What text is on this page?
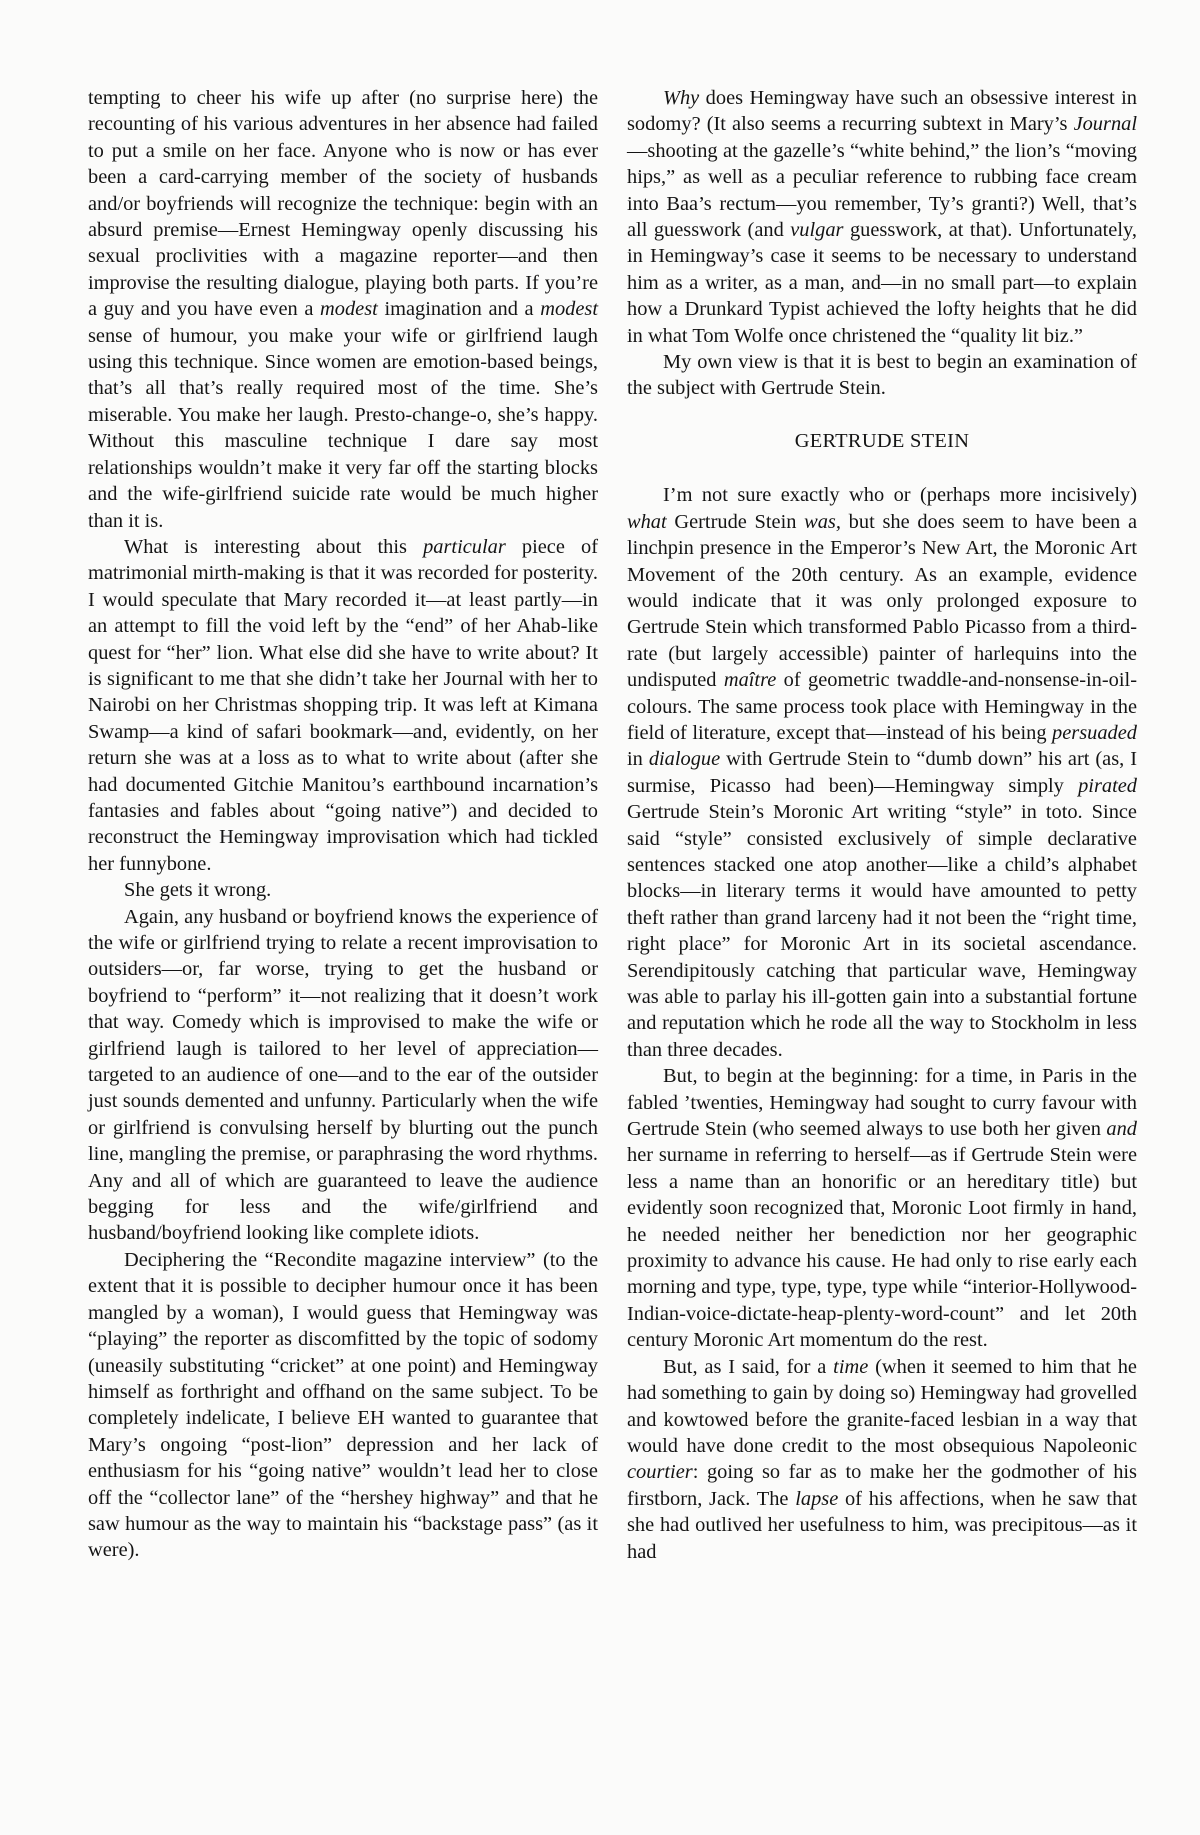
tempting to cheer his wife up after (no surprise here) the recounting of his various adventures in her absence had failed to put a smile on her face. Anyone who is now or has ever been a card-carrying member of the society of husbands and/or boyfriends will recognize the technique: begin with an absurd premise—Ernest Hemingway openly discussing his sexual proclivities with a magazine reporter—and then improvise the resulting dialogue, playing both parts. If you’re a guy and you have even a modest imagination and a modest sense of humour, you make your wife or girlfriend laugh using this technique. Since women are emotion-based beings, that’s all that’s really required most of the time. She’s miserable. You make her laugh. Presto-change-o, she’s happy. Without this masculine technique I dare say most relationships wouldn’t make it very far off the starting blocks and the wife-girlfriend suicide rate would be much higher than it is.

What is interesting about this particular piece of matrimonial mirth-making is that it was recorded for posterity. I would speculate that Mary recorded it—at least partly—in an attempt to fill the void left by the “end” of her Ahab-like quest for “her” lion. What else did she have to write about? It is significant to me that she didn’t take her Journal with her to Nairobi on her Christmas shopping trip. It was left at Kimana Swamp—a kind of safari bookmark—and, evidently, on her return she was at a loss as to what to write about (after she had documented Gitchie Manitou’s earthbound incarnation’s fantasies and fables about “going native”) and decided to reconstruct the Hemingway improvisation which had tickled her funnybone.

She gets it wrong.

Again, any husband or boyfriend knows the experience of the wife or girlfriend trying to relate a recent improvisation to outsiders—or, far worse, trying to get the husband or boyfriend to “perform” it—not realizing that it doesn’t work that way. Comedy which is improvised to make the wife or girlfriend laugh is tailored to her level of appreciation—targeted to an audience of one—and to the ear of the outsider just sounds demented and unfunny. Particularly when the wife or girlfriend is convulsing herself by blurting out the punch line, mangling the premise, or paraphrasing the word rhythms. Any and all of which are guaranteed to leave the audience begging for less and the wife/girlfriend and husband/boyfriend looking like complete idiots.

Deciphering the “Recondite magazine interview” (to the extent that it is possible to decipher humour once it has been mangled by a woman), I would guess that Hemingway was “playing” the reporter as discomfitted by the topic of sodomy (uneasily substituting “cricket” at one point) and Hemingway himself as forthright and offhand on the same subject. To be completely indelicate, I believe EH wanted to guarantee that Mary’s ongoing “post-lion” depression and her lack of enthusiasm for his “going native” wouldn’t lead her to close off the “collector lane” of the “hershey highway” and that he saw humour as the way to maintain his “backstage pass” (as it were).

Why does Hemingway have such an obsessive interest in sodomy? (It also seems a recurring subtext in Mary’s Journal—shooting at the gazelle’s “white behind,” the lion’s “moving hips,” as well as a peculiar reference to rubbing face cream into Baa’s rectum—you remember, Ty’s granti?) Well, that’s all guesswork (and vulgar guesswork, at that). Unfortunately, in Hemingway’s case it seems to be necessary to understand him as a writer, as a man, and—in no small part—to explain how a Drunkard Typist achieved the lofty heights that he did in what Tom Wolfe once christened the “quality lit biz.”

My own view is that it is best to begin an examination of the subject with Gertrude Stein.

GERTRUDE STEIN

I’m not sure exactly who or (perhaps more incisively) what Gertrude Stein was, but she does seem to have been a linchpin presence in the Emperor’s New Art, the Moronic Art Movement of the 20th century. As an example, evidence would indicate that it was only prolonged exposure to Gertrude Stein which transformed Pablo Picasso from a third-rate (but largely accessible) painter of harlequins into the undisputed maître of geometric twaddle-and-nonsense-in-oil-colours. The same process took place with Hemingway in the field of literature, except that—instead of his being persuaded in dialogue with Gertrude Stein to “dumb down” his art (as, I surmise, Picasso had been)—Hemingway simply pirated Gertrude Stein’s Moronic Art writing “style” in toto. Since said “style” consisted exclusively of simple declarative sentences stacked one atop another—like a child’s alphabet blocks—in literary terms it would have amounted to petty theft rather than grand larceny had it not been the “right time, right place” for Moronic Art in its societal ascendance. Serendipitously catching that particular wave, Hemingway was able to parlay his ill-gotten gain into a substantial fortune and reputation which he rode all the way to Stockholm in less than three decades.

But, to begin at the beginning: for a time, in Paris in the fabled ’twenties, Hemingway had sought to curry favour with Gertrude Stein (who seemed always to use both her given and her surname in referring to herself—as if Gertrude Stein were less a name than an honorific or an hereditary title) but evidently soon recognized that, Moronic Loot firmly in hand, he needed neither her benediction nor her geographic proximity to advance his cause. He had only to rise early each morning and type, type, type, type while “interior-Hollywood-Indian-voice-dictate-heap-plenty-word-count” and let 20th century Moronic Art momentum do the rest.

But, as I said, for a time (when it seemed to him that he had something to gain by doing so) Hemingway had grovelled and kowtowed before the granite-faced lesbian in a way that would have done credit to the most obsequious Napoleonic courtier: going so far as to make her the godmother of his firstborn, Jack. The lapse of his affections, when he saw that she had outlived her usefulness to him, was precipitous—as it had
